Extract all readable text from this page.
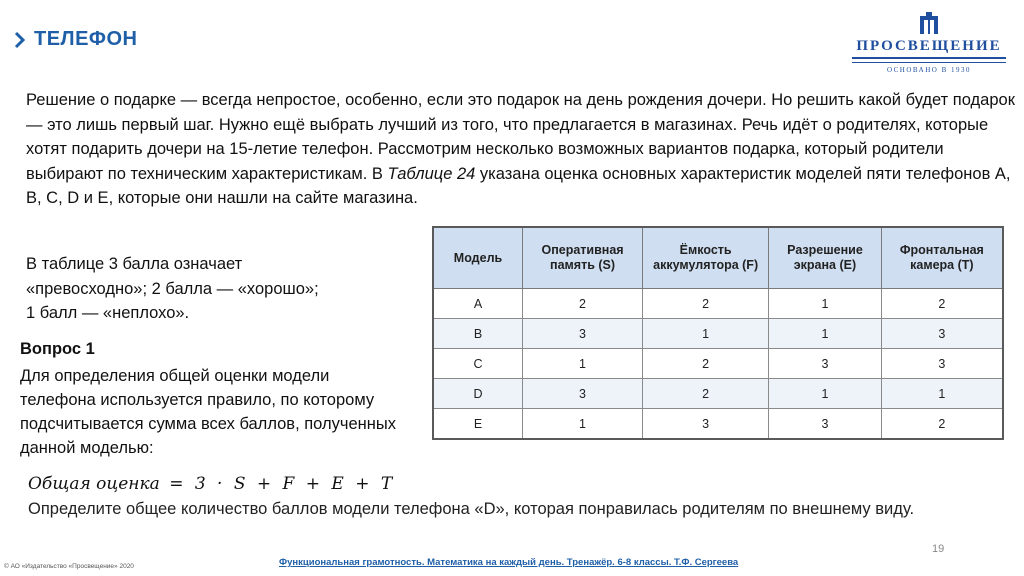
ТЕЛЕФОН	ПРОСВЕЩЕНИЕ
ОСНОВАНО В 1930

Решение о подарке — всегда непростое, особенно, если это подарок на день рождения дочери. Но решить какой будет подарок — это лишь первый шаг. Нужно ещё выбрать лучший из того, что предлагается в магазинах. Речь идёт о родителях, которые хотят подарить дочери на 15-летие телефон. Рассмотрим несколько возможных вариантов подарка, который родители выбирают по техническим характеристикам. В Таблице 24 указана оценка основных характеристик моделей пяти телефонов A, B, C, D и E, которые они нашли на сайте магазина.

В таблице 3 балла означает

«превосходно»; 2 балла — «хорошо»;

1 балл — «неплохо».

Вопрос 1
Для определения общей оценки модели телефона используется правило, по которому подсчитывается сумма всех баллов, полученных данной моделью:
Общая оценка = 3 · S + F + E + T
Определите общее количество баллов модели телефона «D», которая понравилась родителям по внешнему виду.
Модель	Оперативная память (S)	Ёмкость аккумулятора (F)	Разрешение экрана (E)	Фронтальная камера (T)
A	2	2	1	2
B	3	1	1	3
C	1	2	3	3
D	3	2	1	1
E	1	3	3	2
19
Функциональная грамотность. Математика на каждый день. Тренажёр. 6-8 классы. Т.Ф. Сергеева
© АО «Издательство «Просвещение» 2020
